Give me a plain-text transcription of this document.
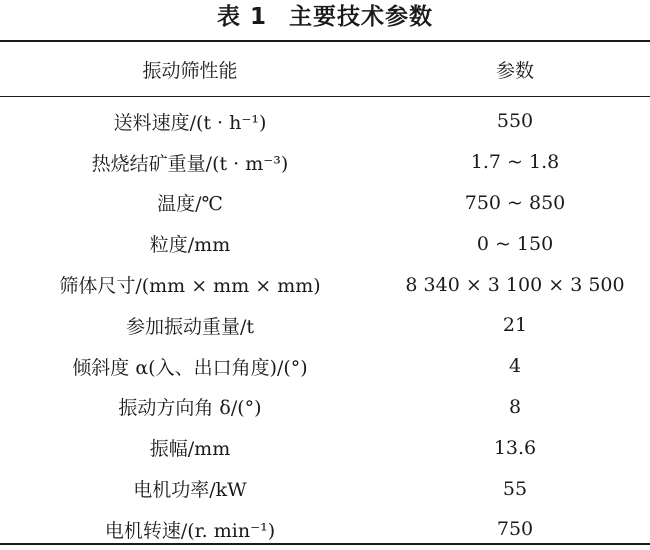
表 1 主要技术参数
振动筛性能	参数
送料速度/(t · h⁻¹)	550
热烧结矿重量/(t · m⁻³)	1.7 ~ 1.8
温度/℃	750 ~ 850
粒度/mm	0 ~ 150
筛体尺寸/(mm × mm × mm)	8 340 × 3 100 × 3 500
参加振动重量/t	21
倾斜度 α(入、出口角度)/(°)	4
振动方向角 δ/(°)	8
振幅/mm	13.6
电机功率/kW	55
电机转速/(r. min⁻¹)	750
